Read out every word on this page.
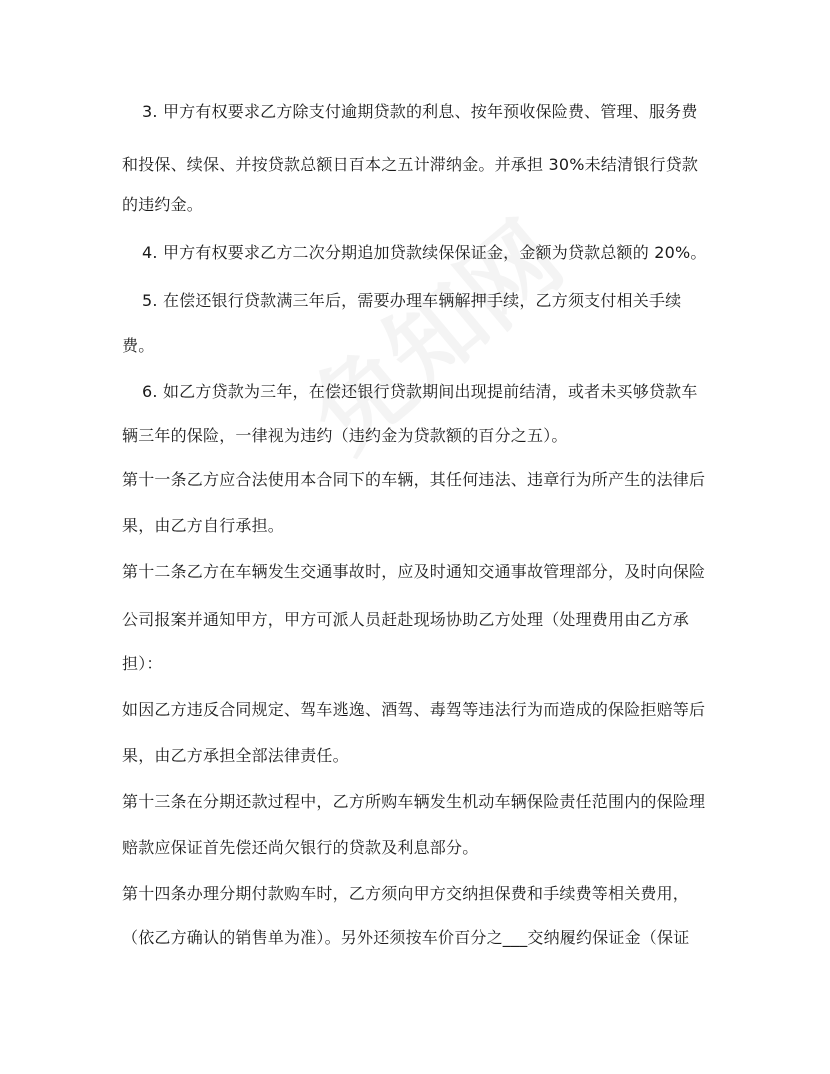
3. 甲方有权要求乙方除支付逾期贷款的利息、按年预收保险费、管理、服务费
和投保、续保、并按贷款总额日百本之五计滞纳金。并承担 30%未结清银行贷款
的违约金。
4. 甲方有权要求乙方二次分期追加贷款续保保证金，金额为贷款总额的 20%。
5. 在偿还银行贷款满三年后，需要办理车辆解押手续，乙方须支付相关手续
费。
6. 如乙方贷款为三年，在偿还银行贷款期间出现提前结清，或者未买够贷款车
辆三年的保险，一律视为违约（违约金为贷款额的百分之五）。
第十一条乙方应合法使用本合同下的车辆，其任何违法、违章行为所产生的法律后
果，由乙方自行承担。
第十二条乙方在车辆发生交通事故时，应及时通知交通事故管理部分，及时向保险
公司报案并通知甲方，甲方可派人员赶赴现场协助乙方处理（处理费用由乙方承
担）：
如因乙方违反合同规定、驾车逃逸、酒驾、毒驾等违法行为而造成的保险拒赔等后
果，由乙方承担全部法律责任。
第十三条在分期还款过程中，乙方所购车辆发生机动车辆保险责任范围内的保险理
赔款应保证首先偿还尚欠银行的贷款及利息部分。
第十四条办理分期付款购车时，乙方须向甲方交纳担保费和手续费等相关费用，
（依乙方确认的销售单为准）。另外还须按车价百分之___交纳履约保证金（保证
